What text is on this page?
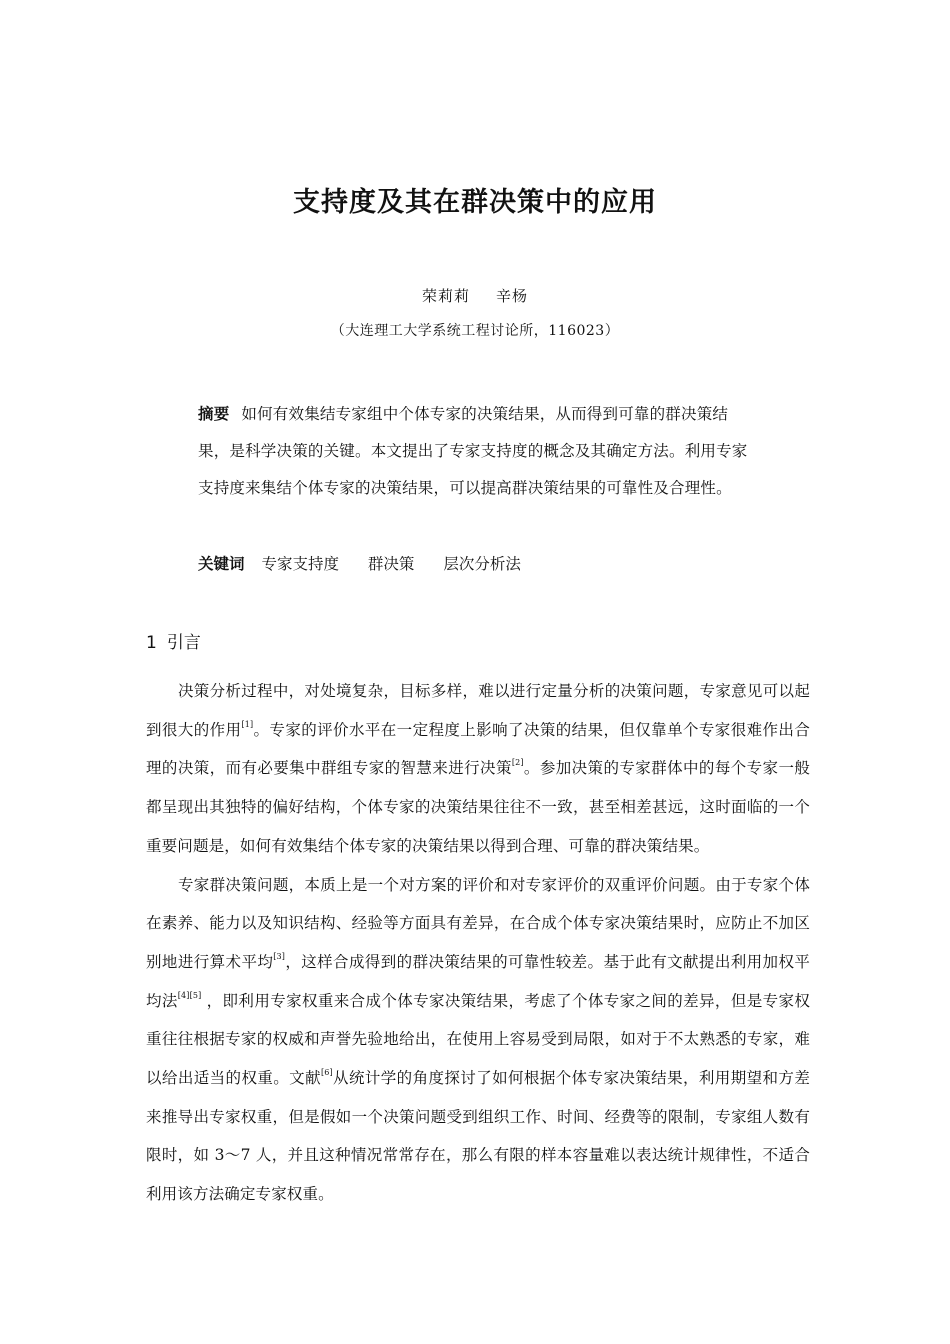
支持度及其在群决策中的应用
荣莉莉 辛杨
（大连理工大学系统工程讨论所，116023）
摘要 如何有效集结专家组中个体专家的决策结果，从而得到可靠的群决策结果，是科学决策的关键。本文提出了专家支持度的概念及其确定方法。利用专家支持度来集结个体专家的决策结果，可以提高群决策结果的可靠性及合理性。
关键词 专家支持度 群决策 层次分析法
1 引言

决策分析过程中，对处境复杂，目标多样，难以进行定量分析的决策问题，专家意见可以起到很大的作用[1]。专家的评价水平在一定程度上影响了决策的结果，但仅靠单个专家很难作出合理的决策，而有必要集中群组专家的智慧来进行决策[2]。参加决策的专家群体中的每个专家一般都呈现出其独特的偏好结构，个体专家的决策结果往往不一致，甚至相差甚远，这时面临的一个重要问题是，如何有效集结个体专家的决策结果以得到合理、可靠的群决策结果。

专家群决策问题，本质上是一个对方案的评价和对专家评价的双重评价问题。由于专家个体在素养、能力以及知识结构、经验等方面具有差异，在合成个体专家决策结果时，应防止不加区别地进行算术平均[3]，这样合成得到的群决策结果的可靠性较差。基于此有文献提出利用加权平均法[4][5] ，即利用专家权重来合成个体专家决策结果，考虑了个体专家之间的差异，但是专家权重往往根据专家的权威和声誉先验地给出，在使用上容易受到局限，如对于不太熟悉的专家，难以给出适当的权重。文献[6]从统计学的角度探讨了如何根据个体专家决策结果，利用期望和方差来推导出专家权重，但是假如一个决策问题受到组织工作、时间、经费等的限制，专家组人数有限时，如 3～7 人，并且这种情况常常存在，那么有限的样本容量难以表达统计规律性，不适合利用该方法确定专家权重。
